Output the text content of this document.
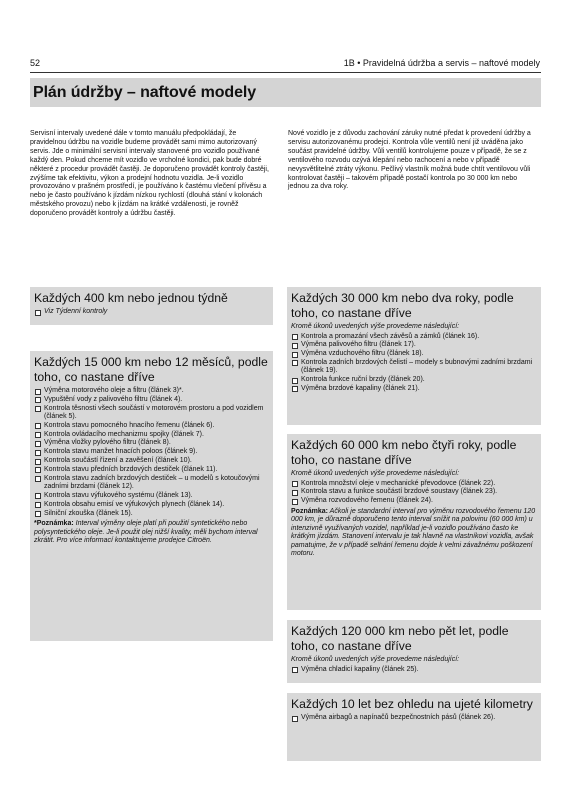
52	1B • Pravidelná údržba a servis – naftové modely
Plán údržby – naftové modely

Servisní intervaly uvedené dále v tomto manuálu předpokládají, že pravidelnou údržbu na vozidle budeme provádět sami mimo autorizovaný servis. Jde o minimální servisní intervaly stanovené pro vozidlo používané každý den. Pokud chceme mít vozidlo ve vrcholné kondici, pak bude dobré některé z procedur provádět častěji. Je doporučeno provádět kontroly častěji, zvýšíme tak efektivitu, výkon a prodejní hodnotu vozidla. Je-li vozidlo provozováno v prašném prostředí, je používáno k častému vlečení přívěsu a nebo je často používáno k jízdám nízkou rychlostí (dlouhá stání v kolonách městského provozu) nebo k jízdám na krátké vzdálenosti, je rovněž doporučeno provádět kontroly a údržbu častěji.

Nové vozidlo je z důvodu zachování záruky nutné předat k provedení údržby a servisu autorizovanému prodejci. Kontrola vůle ventilů není již uváděna jako součást pravidelné údržby. Vůli ventilů kontrolujeme pouze v případě, že se z ventilového rozvodu ozývá klepání nebo rachocení a nebo v případě nevysvětlitelné ztráty výkonu. Pečlivý vlastník možná bude chtít ventilovou vůli kontrolovat častěji – takovém případě postačí kontrola po 30 000 km nebo jednou za dva roky.

Každých 400 km nebo jednou týdně
Viz Týdenní kontroly
Každých 15 000 km nebo 12 měsíců, podle toho, co nastane dříve
Výměna motorového oleje a filtru (článek 3)*.
Vypuštění vody z palivového filtru (článek 4).
Kontrola těsnosti všech součástí v motorovém prostoru a pod vozidlem (článek 5).
Kontrola stavu pomocného hnacího řemenu (článek 6).
Kontrola ovládacího mechanizmu spojky (článek 7).
Výměna vložky pylového filtru (článek 8).
Kontrola stavu manžet hnacích poloos (článek 9).
Kontrola součástí řízení a zavěšení (článek 10).
Kontrola stavu předních brzdových destiček (článek 11).
Kontrola stavu zadních brzdových destiček – u modelů s kotoučovými zadními brzdami (článek 12).
Kontrola stavu výfukového systému (článek 13).
Kontrola obsahu emisí ve výfukových plynech (článek 14).
Silniční zkouška (článek 15).

*Poznámka: Interval výměny oleje platí při použití syntetického nebo polysyntetického oleje. Je-li použit olej nižší kvality, měli bychom interval zkrátit. Pro více informací kontaktujeme prodejce Citroën.

Každých 30 000 km nebo dva roky, podle toho, co nastane dříve

Kromě úkonů uvedených výše provedeme následující:

Kontrola a promazání všech závěsů a zámků (článek 16).
Výměna palivového filtru (článek 17).
Výměna vzduchového filtru (článek 18).
Kontrola zadních brzdových čelistí – modely s bubnovými zadními brzdami (článek 19).
Kontrola funkce ruční brzdy (článek 20).
Výměna brzdové kapaliny (článek 21).
Každých 60 000 km nebo čtyři roky, podle toho, co nastane dříve

Kromě úkonů uvedených výše provedeme následující:

Kontrola množství oleje v mechanické převodovce (článek 22).
Kontrola stavu a funkce součástí brzdové soustavy (článek 23).
Výměna rozvodového řemenu (článek 24).

Poznámka: Ačkoli je standardní interval pro výměnu rozvodového řemenu 120 000 km, je důrazně doporučeno tento interval snížit na polovinu (60 000 km) u intenzivně využívaných vozidel, například je-li vozidlo používáno často ke krátkým jízdám. Stanovení intervalu je tak hlavně na vlastníkovi vozidla, avšak pamatujme, že v případě selhání řemenu dojde k velmi závažnému poškození motoru.

Každých 120 000 km nebo pět let, podle toho, co nastane dříve

Kromě úkonů uvedených výše provedeme následující:

Výměna chladicí kapaliny (článek 25).
Každých 10 let bez ohledu na ujeté kilometry
Výměna airbagů a napínačů bezpečnostních pásů (článek 26).
